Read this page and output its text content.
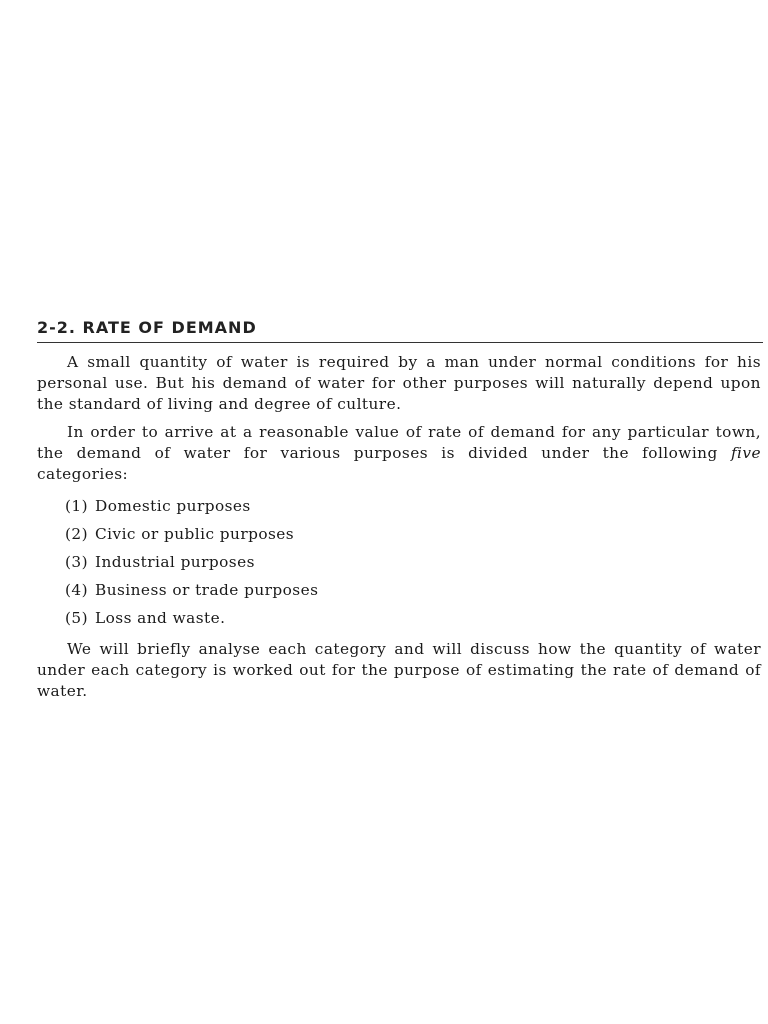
2-2. RATE OF DEMAND

A small quantity of water is required by a man under normal conditions for his personal use. But his demand of water for other purposes will naturally depend upon the standard of living and degree of culture.

In order to arrive at a reasonable value of rate of demand for any particular town, the demand of water for various purposes is divided under the following five categories:

(1) Domestic purposes
(2) Civic or public purposes
(3) Industrial purposes
(4) Business or trade purposes
(5) Loss and waste.

We will briefly analyse each category and will discuss how the quantity of water under each category is worked out for the purpose of estimating the rate of demand of water.
